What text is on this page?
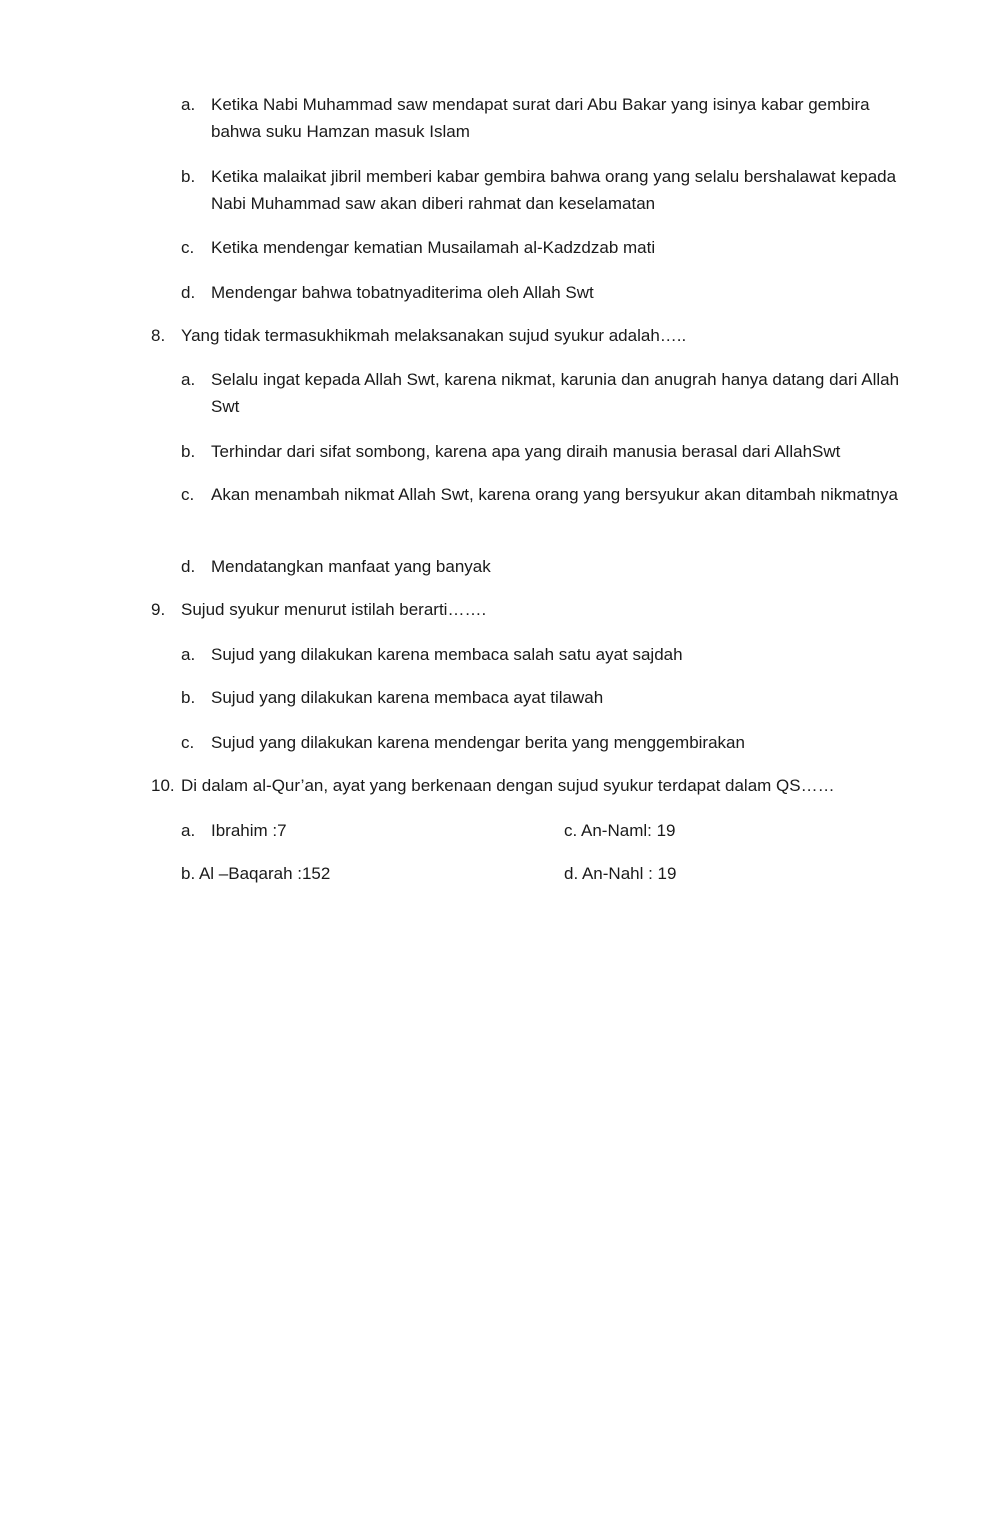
a. Ketika Nabi Muhammad saw mendapat surat dari Abu Bakar yang isinya kabar gembira bahwa suku Hamzan masuk Islam
b. Ketika malaikat jibril memberi kabar gembira bahwa orang yang selalu bershalawat kepada Nabi Muhammad saw akan diberi rahmat dan keselamatan
c. Ketika mendengar kematian Musailamah al-Kadzdzab mati
d. Mendengar bahwa tobatnyaditerima oleh Allah Swt
8. Yang tidak termasukhikmah melaksanakan sujud syukur adalah…..
a. Selalu ingat kepada Allah Swt, karena nikmat, karunia dan anugrah hanya datang dari Allah Swt
b. Terhindar dari sifat sombong, karena apa yang diraih manusia berasal dari AllahSwt
c. Akan menambah nikmat Allah Swt, karena orang yang bersyukur akan ditambah nikmatnya
d. Mendatangkan manfaat yang banyak
9. Sujud syukur menurut istilah berarti…….
a. Sujud yang dilakukan karena membaca salah satu ayat sajdah
b. Sujud yang dilakukan karena membaca ayat tilawah
c. Sujud yang dilakukan karena mendengar berita yang menggembirakan
10. Di dalam al-Qur’an, ayat yang berkenaan dengan sujud syukur terdapat dalam QS……
a. Ibrahim :7	c. An-Naml: 19
b. Al –Baqarah :152	d. An-Nahl : 19
